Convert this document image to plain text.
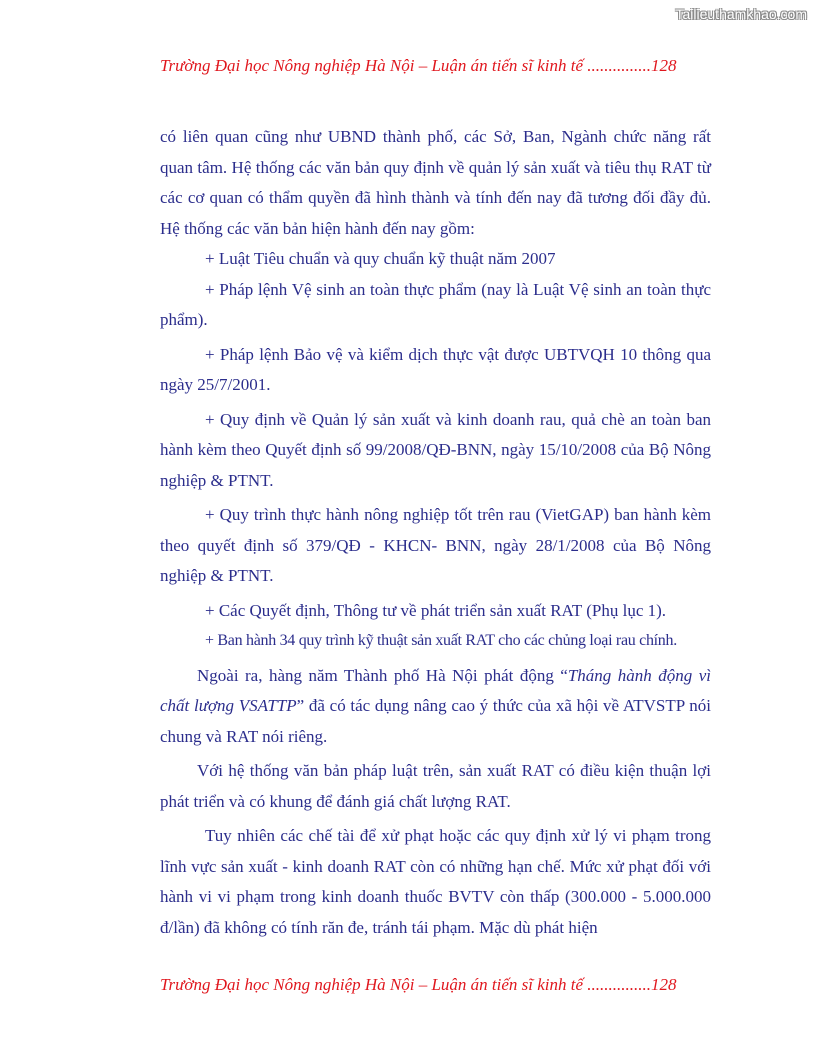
Tailieuthamkhao.com
Trường Đại học Nông nghiệp Hà Nội – Luận án tiến sĩ kinh tế ...............128

có liên quan cũng như UBND thành phố, các Sở, Ban, Ngành chức năng rất quan tâm. Hệ thống các văn bản quy định về quản lý sản xuất và tiêu thụ RAT từ các cơ quan có thẩm quyền đã hình thành và tính đến nay đã tương đối đầy đủ. Hệ thống các văn bản hiện hành đến nay gồm:

+ Luật Tiêu chuẩn và quy chuẩn kỹ thuật năm 2007

+ Pháp lệnh Vệ sinh an toàn thực phẩm (nay là Luật Vệ sinh an toàn thực phẩm).

+ Pháp lệnh Bảo vệ và kiểm dịch thực vật được UBTVQH 10 thông qua ngày 25/7/2001.

+ Quy định về Quản lý sản xuất và kinh doanh rau, quả chè an toàn ban hành kèm theo Quyết định số 99/2008/QĐ-BNN, ngày 15/10/2008 của Bộ Nông nghiệp & PTNT.

+ Quy trình thực hành nông nghiệp tốt trên rau (VietGAP) ban hành kèm theo quyết định số 379/QĐ - KHCN- BNN, ngày 28/1/2008 của Bộ Nông nghiệp & PTNT.

+ Các Quyết định, Thông tư về phát triển sản xuất RAT (Phụ lục 1).

+ Ban hành 34 quy trình kỹ thuật sản xuất RAT cho các chủng loại rau chính.

Ngoài ra, hàng năm Thành phố Hà Nội phát động “Tháng hành động vì chất lượng VSATTP” đã có tác dụng nâng cao ý thức của xã hội về ATVSTP nói chung và RAT nói riêng.

Với hệ thống văn bản pháp luật trên, sản xuất RAT có điều kiện thuận lợi phát triển và có khung để đánh giá chất lượng RAT.

Tuy nhiên các chế tài để xử phạt hoặc các quy định xử lý vi phạm trong lĩnh vực sản xuất - kinh doanh RAT còn có những hạn chế. Mức xử phạt đối với hành vi vi phạm trong kinh doanh thuốc BVTV còn thấp (300.000 - 5.000.000 đ/lần) đã không có tính răn đe, tránh tái phạm. Mặc dù phát hiện

Trường Đại học Nông nghiệp Hà Nội – Luận án tiến sĩ kinh tế ...............128
